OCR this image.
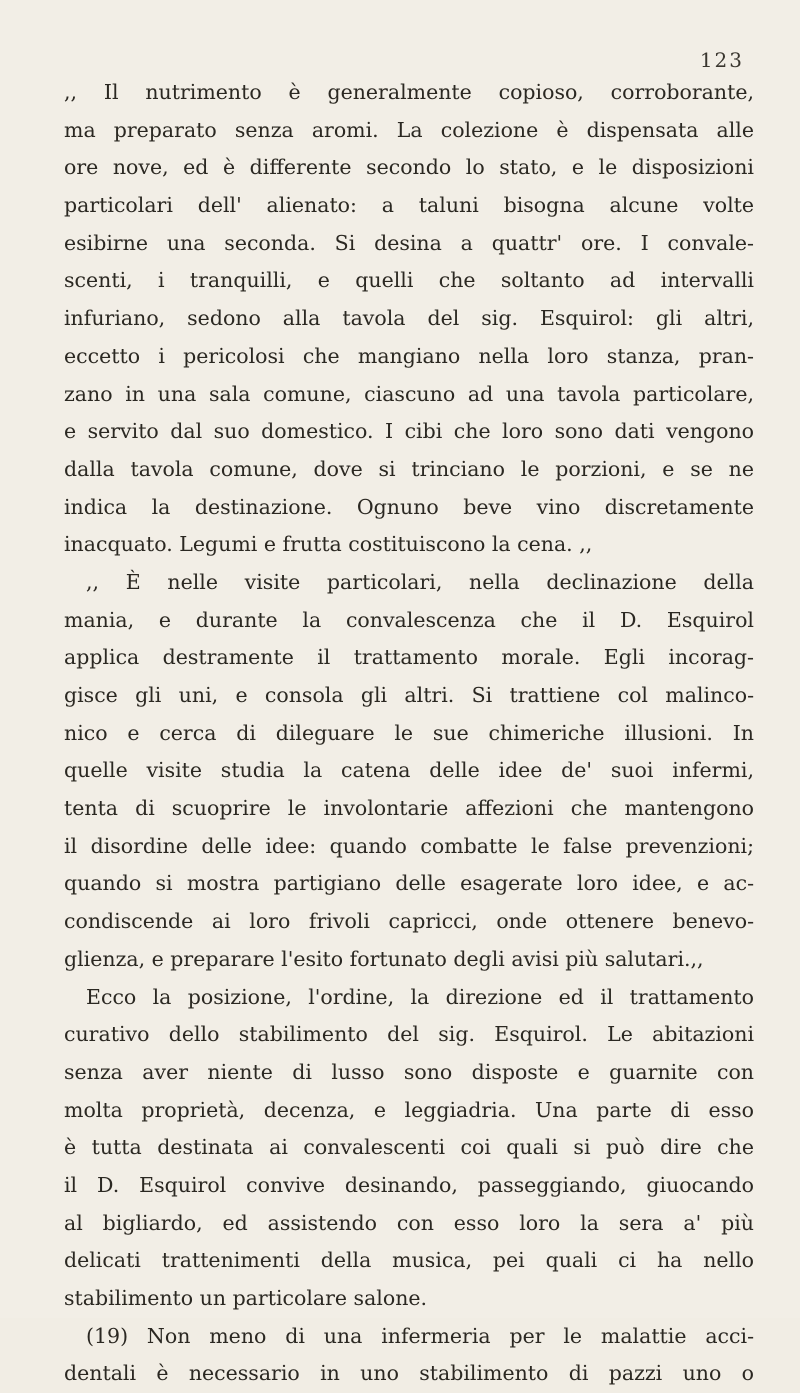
123
,, Il nutrimento è generalmente copioso, corroborante,
ma preparato senza aromi. La colezione è dispensata alle
ore nove, ed è differente secondo lo stato, e le disposizioni
particolari dell' alienato: a taluni bisogna alcune volte
esibirne una seconda. Si desina a quattr' ore. I convale-
scenti, i tranquilli, e quelli che soltanto ad intervalli
infuriano, sedono alla tavola del sig. Esquirol: gli altri,
eccetto i pericolosi che mangiano nella loro stanza, pran-
zano in una sala comune, ciascuno ad una tavola particolare,
e servito dal suo domestico. I cibi che loro sono dati vengono
dalla tavola comune, dove si trinciano le porzioni, e se ne
indica la destinazione. Ognuno beve vino discretamente
inacquato. Legumi e frutta costituiscono la cena. ,,
,, È nelle visite particolari, nella declinazione della
mania, e durante la convalescenza che il D. Esquirol
applica destramente il trattamento morale. Egli incorag-
gisce gli uni, e consola gli altri. Si trattiene col malinco-
nico e cerca di dileguare le sue chimeriche illusioni. In
quelle visite studia la catena delle idee de' suoi infermi,
tenta di scuoprire le involontarie affezioni che mantengono
il disordine delle idee: quando combatte le false prevenzioni;
quando si mostra partigiano delle esagerate loro idee, e ac-
condiscende ai loro frivoli capricci, onde ottenere benevo-
glienza, e preparare l'esito fortunato degli avisi più salutari.,,
Ecco la posizione, l'ordine, la direzione ed il trattamento
curativo dello stabilimento del sig. Esquirol. Le abitazioni
senza aver niente di lusso sono disposte e guarnite con
molta proprietà, decenza, e leggiadria. Una parte di esso
è tutta destinata ai convalescenti coi quali si può dire che
il D. Esquirol convive desinando, passeggiando, giuocando
al bigliardo, ed assistendo con esso loro la sera a' più
delicati trattenimenti della musica, pei quali ci ha nello
stabilimento un particolare salone.
(19) Non meno di una infermeria per le malattie acci-
dentali è necessario in uno stabilimento di pazzi uno o
